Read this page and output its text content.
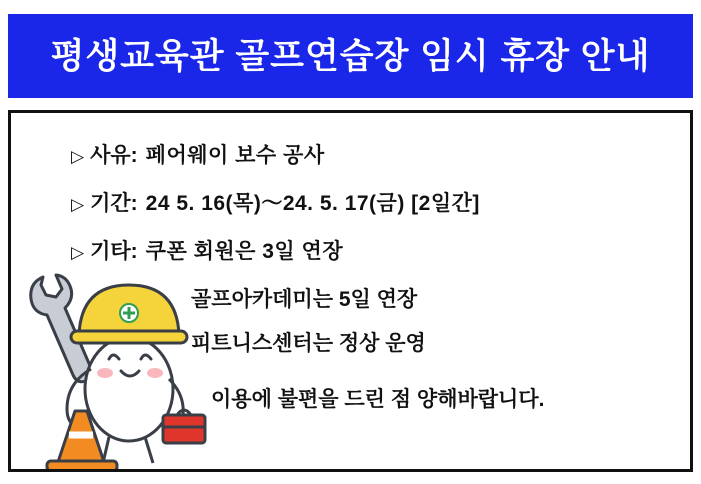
평생교육관 골프연습장 임시 휴장 안내
▷ 사유: 페어웨이 보수 공사
▷ 기간: 24 5. 16(목)～24. 5. 17(금) [2일간]
▷ 기타: 쿠폰 회원은 3일 연장
골프아카데미는 5일 연장
피트니스센터는 정상 운영
이용에 불편을 드린 점 양해바랍니다.
